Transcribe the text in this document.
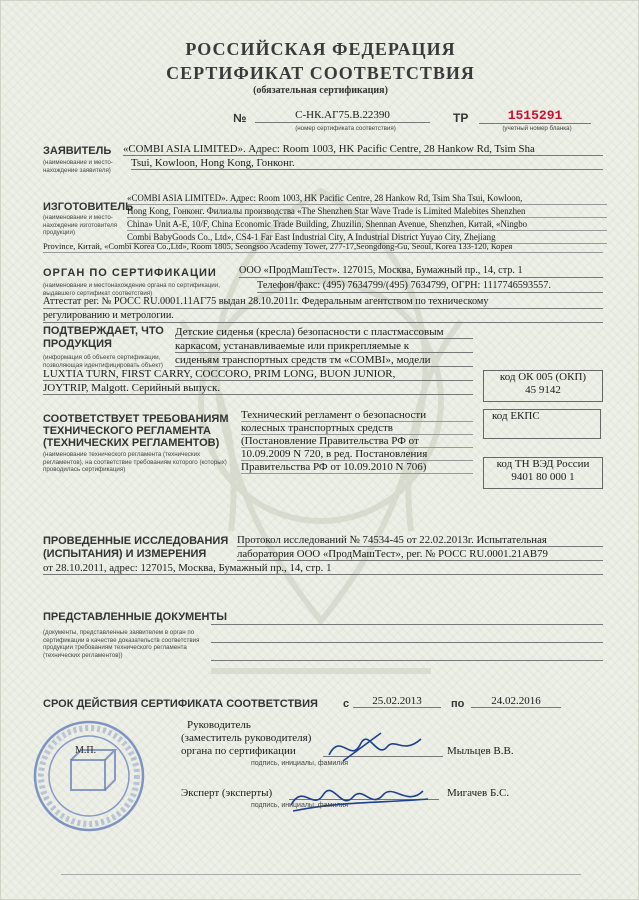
РОССИЙСКАЯ ФЕДЕРАЦИЯ
СЕРТИФИКАТ СООТВЕТСТВИЯ
(обязательная сертификация)
№	С-НК.АГ75.В.22390
(номер сертификата соответствия)
ТР	1515291
(учетный номер бланка)
ЗАЯВИТЕЛЬ «COMBI ASIA LIMITED». Адрес: Room 1003, HK Pacific Centre, 28 Hankow Rd, Tsim Sha
(наименование и место-нахождение заявителя)
Tsui, Kowloon, Hong Kong, Гонконг.
ИЗГОТОВИТЕЛЬ
(наименование и место-нахождение изготовителя продукции)
«COMBI ASIA LIMITED». Адрес: Room 1003, HK Pacific Centre, 28 Hankow Rd, Tsim Sha Tsui, Kowloon,
Hong Kong, Гонконг. Филиалы производства «The Shenzhen Star Wave Trade is Limited Malebites Shenzhen
China» Unit A-E, 10/F, China Economic Trade Building, Zhuzilin, Shennan Avenue, Shenzhen, Китай, «Ningbo
Combi BabyGoods Co., Ltd», CS4-1 Far East Industrial City, A Industrial District Yuyao City, Zhejiang
Province, Китай, «Combi Korea Co.,Ltd», Room 1805, Seongsoo Academy Tower, 277-17,Seongdong-Gu, Seoul, Korea 133-120, Корея
ОРГАН ПО СЕРТИФИКАЦИИ ООО «ПродМашТест». 127015, Москва, Бумажный пр., 14, стр. 1
(наименование и местонахождение органа по сертификации, выдавшего сертификат соответствия)
Телефон/факс: (495) 7634799/(495) 7634799, ОГРН: 1117746593557.
Аттестат рег. № РОСС RU.0001.11АГ75 выдан 28.10.2011г. Федеральным агентством по техническому
регулированию и метрологии.
ПОДТВЕРЖДАЕТ, ЧТО
ПРОДУКЦИЯ
Детские сиденья (кресла) безопасности с пластмассовым
каркасом, устанавливаемые или прикрепляемые к
(информация об объекте сертификации, позволяющая идентифицировать объект)	сиденьям транспортных средств тм «COMBI», модели
LUXTIA TURN, FIRST CARRY, COCCORO, PRIM LONG, BUON JUNIOR,
JOYTRIP, Malgott. Серийный выпуск.
код ОК 005 (ОКП)
45 9142
СООТВЕТСТВУЕТ ТРЕБОВАНИЯМ
ТЕХНИЧЕСКОГО РЕГЛАМЕНТА
(ТЕХНИЧЕСКИХ РЕГЛАМЕНТОВ)
(наименование технического регламента (технических регламентов), на соответствие требованиям которого (которых) проводилась сертификация)
Технический регламент о безопасности
колесных транспортных средств
(Постановление Правительства РФ от
10.09.2009 N 720, в ред. Постановления
Правительства РФ от 10.09.2010 N 706)
код ЕКПС
код ТН ВЭД России
9401 80 000 1
ПРОВЕДЕННЫЕ ИССЛЕДОВАНИЯ
(ИСПЫТАНИЯ) И ИЗМЕРЕНИЯ
Протокол исследований № 74534-45 от 22.02.2013г. Испытательная
лаборатория ООО «ПродМашТест», рег. № РОСС RU.0001.21АВ79
от 28.10.2011, адрес: 127015, Москва, Бумажный пр., 14, стр. 1
ПРЕДСТАВЛЕННЫЕ ДОКУМЕНТЫ
(документы, представленные заявителем в орган по сертификации в качестве доказательств соответствия продукции требованиям технического регламента (технических регламентов))
СРОК ДЕЙСТВИЯ СЕРТИФИКАТА СООТВЕТСТВИЯ с	25.02.2013	по	24.02.2016
Руководитель
(заместитель руководителя)
органа по сертификации	Мыльцев В.В.
подпись, инициалы, фамилия
Эксперт (эксперты)	Мигачев Б.С.
подпись, инициалы, фамилия
М.П.
